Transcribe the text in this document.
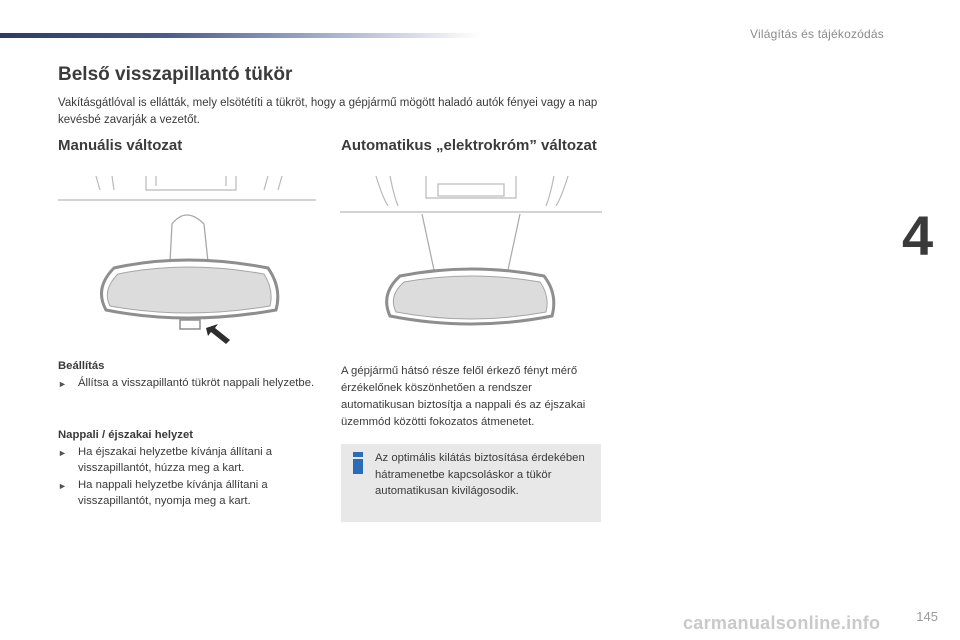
Világítás és tájékozódás
4
Belső visszapillantó tükör

Vakításgátlóval is ellátták, mely elsötétíti a tükröt, hogy a gépjármű mögött haladó autók fényei vagy a nap kevésbé zavarják a vezetőt.

Manuális változat	Automatikus „elektrokróm” változat
Beállítás
► Állítsa a visszapillantó tükröt nappali helyzetbe.
Nappali / éjszakai helyzet
► Ha éjszakai helyzetbe kívánja állítani a visszapillantót, húzza meg a kart.
► Ha nappali helyzetbe kívánja állítani a visszapillantót, nyomja meg a kart.

A gépjármű hátsó része felől érkező fényt mérő érzékelőnek köszönhetően a rendszer automatikusan biztosítja a nappali és az éjszakai üzemmód közötti fokozatos átmenetet.

Az optimális kilátás biztosítása érdekében hátramenetbe kapcsoláskor a tükör automatikusan kivilágosodik.
carmanualsonline.info	145
